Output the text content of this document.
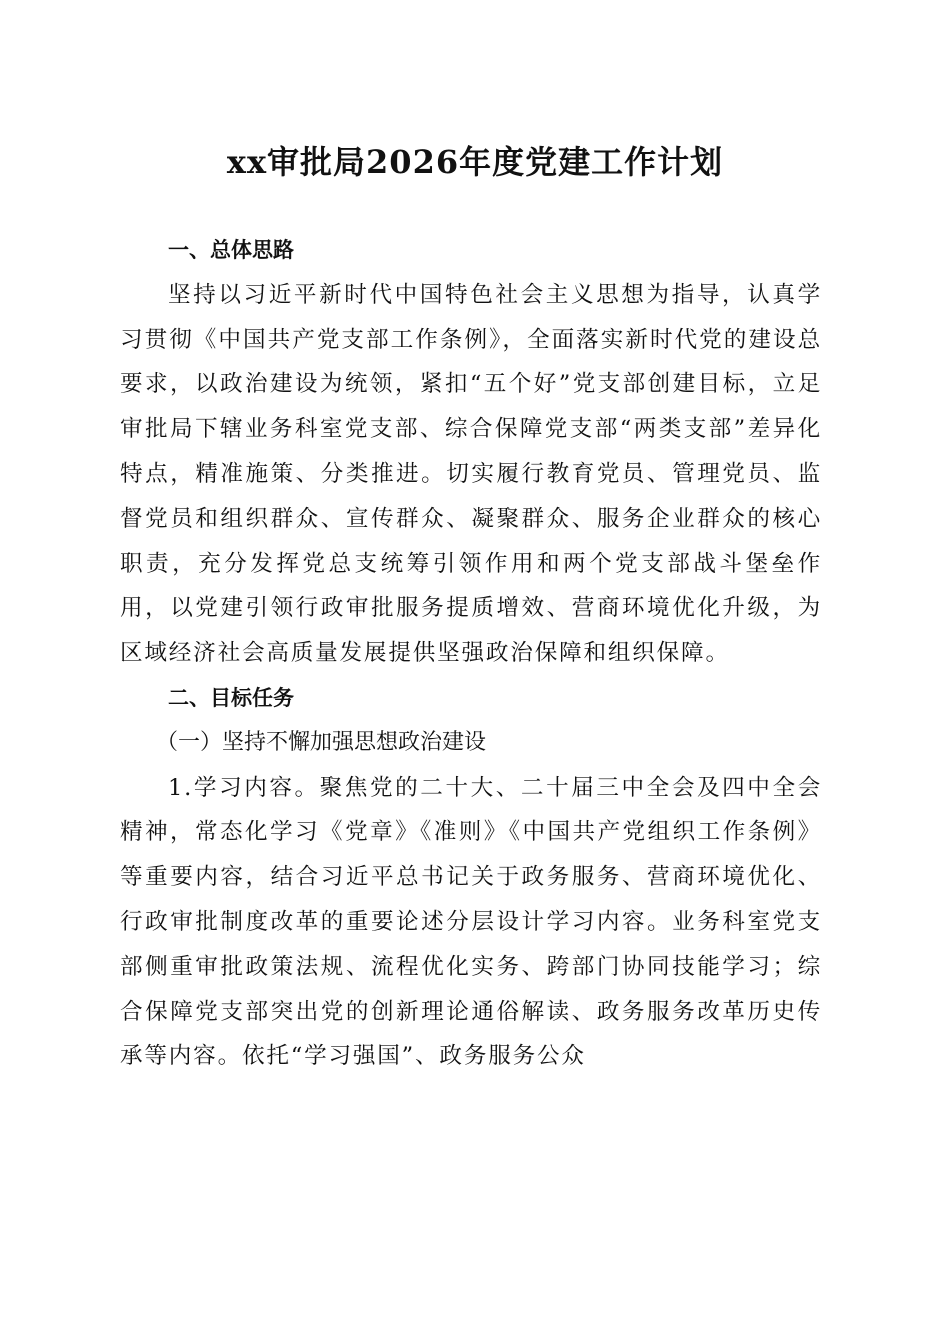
xx审批局2026年度党建工作计划
一、总体思路

坚持以习近平新时代中国特色社会主义思想为指导，认真学习贯彻《中国共产党支部工作条例》，全面落实新时代党的建设总要求，以政治建设为统领，紧扣“五个好”党支部创建目标，立足审批局下辖业务科室党支部、综合保障党支部“两类支部”差异化特点，精准施策、分类推进。切实履行教育党员、管理党员、监督党员和组织群众、宣传群众、凝聚群众、服务企业群众的核心职责，充分发挥党总支统筹引领作用和两个党支部战斗堡垒作用，以党建引领行政审批服务提质增效、营商环境优化升级，为区域经济社会高质量发展提供坚强政治保障和组织保障。

二、目标任务
（一）坚持不懈加强思想政治建设

1.学习内容。聚焦党的二十大、二十届三中全会及四中全会精神，常态化学习《党章》《准则》《中国共产党组织工作条例》等重要内容，结合习近平总书记关于政务服务、营商环境优化、行政审批制度改革的重要论述分层设计学习内容。业务科室党支部侧重审批政策法规、流程优化实务、跨部门协同技能学习；综合保障党支部突出党的创新理论通俗解读、政务服务改革历史传承等内容。依托“学习强国”、政务服务公众
